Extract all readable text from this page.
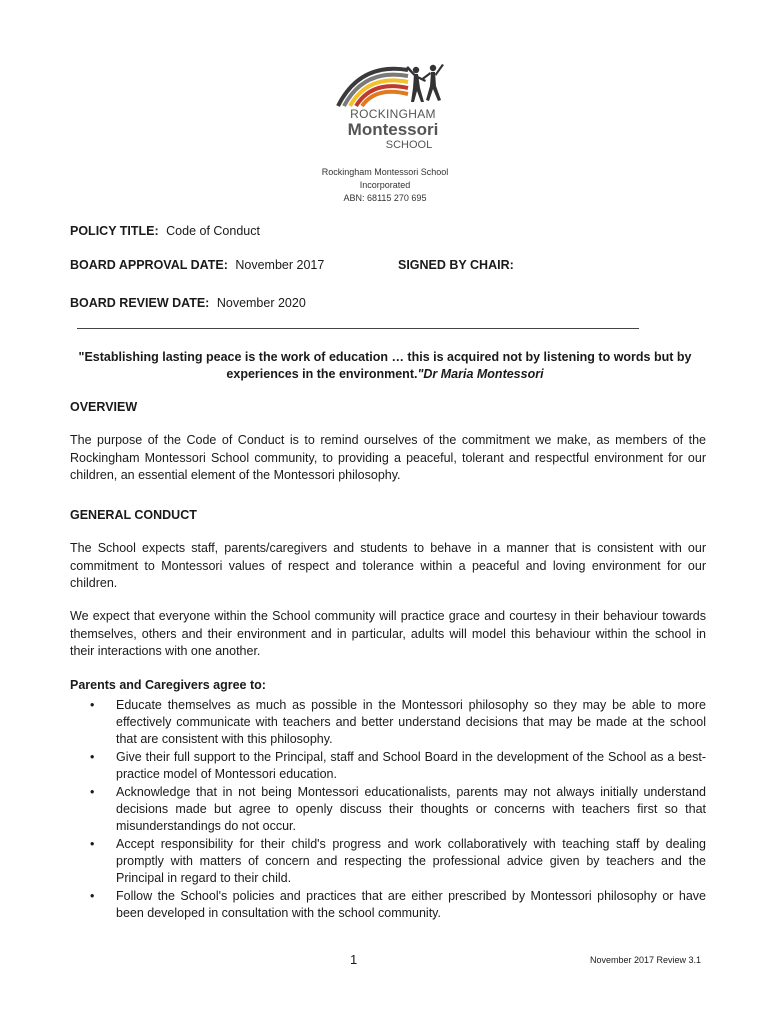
ROCKINGHAM
Montessori
SCHOOL
Rockingham Montessori School
Incorporated
ABN: 68115 270 695
POLICY TITLE: Code of Conduct
BOARD APPROVAL DATE: November 2017	SIGNED BY CHAIR:
BOARD REVIEW DATE: November 2020
"Establishing lasting peace is the work of education … this is acquired not by listening to words but by experiences in the environment."Dr Maria Montessori
OVERVIEW
The purpose of the Code of Conduct is to remind ourselves of the commitment we make, as members of the Rockingham Montessori School community, to providing a peaceful, tolerant and respectful environment for our children, an essential element of the Montessori philosophy.
GENERAL CONDUCT
The School expects staff, parents/caregivers and students to behave in a manner that is consistent with our commitment to Montessori values of respect and tolerance within a peaceful and loving environment for our children.
We expect that everyone within the School community will practice grace and courtesy in their behaviour towards themselves, others and their environment and in particular, adults will model this behaviour within the school in their interactions with one another.
Parents and Caregivers agree to:
• Educate themselves as much as possible in the Montessori philosophy so they may be able to more effectively communicate with teachers and better understand decisions that may be made at the school that are consistent with this philosophy.
• Give their full support to the Principal, staff and School Board in the development of the School as a best-practice model of Montessori education.
• Acknowledge that in not being Montessori educationalists, parents may not always initially understand decisions made but agree to openly discuss their thoughts or concerns with teachers first so that misunderstandings do not occur.
• Accept responsibility for their child's progress and work collaboratively with teaching staff by dealing promptly with matters of concern and respecting the professional advice given by teachers and the Principal in regard to their child.
• Follow the School's policies and practices that are either prescribed by Montessori philosophy or have been developed in consultation with the school community.
1	November 2017 Review 3.1
